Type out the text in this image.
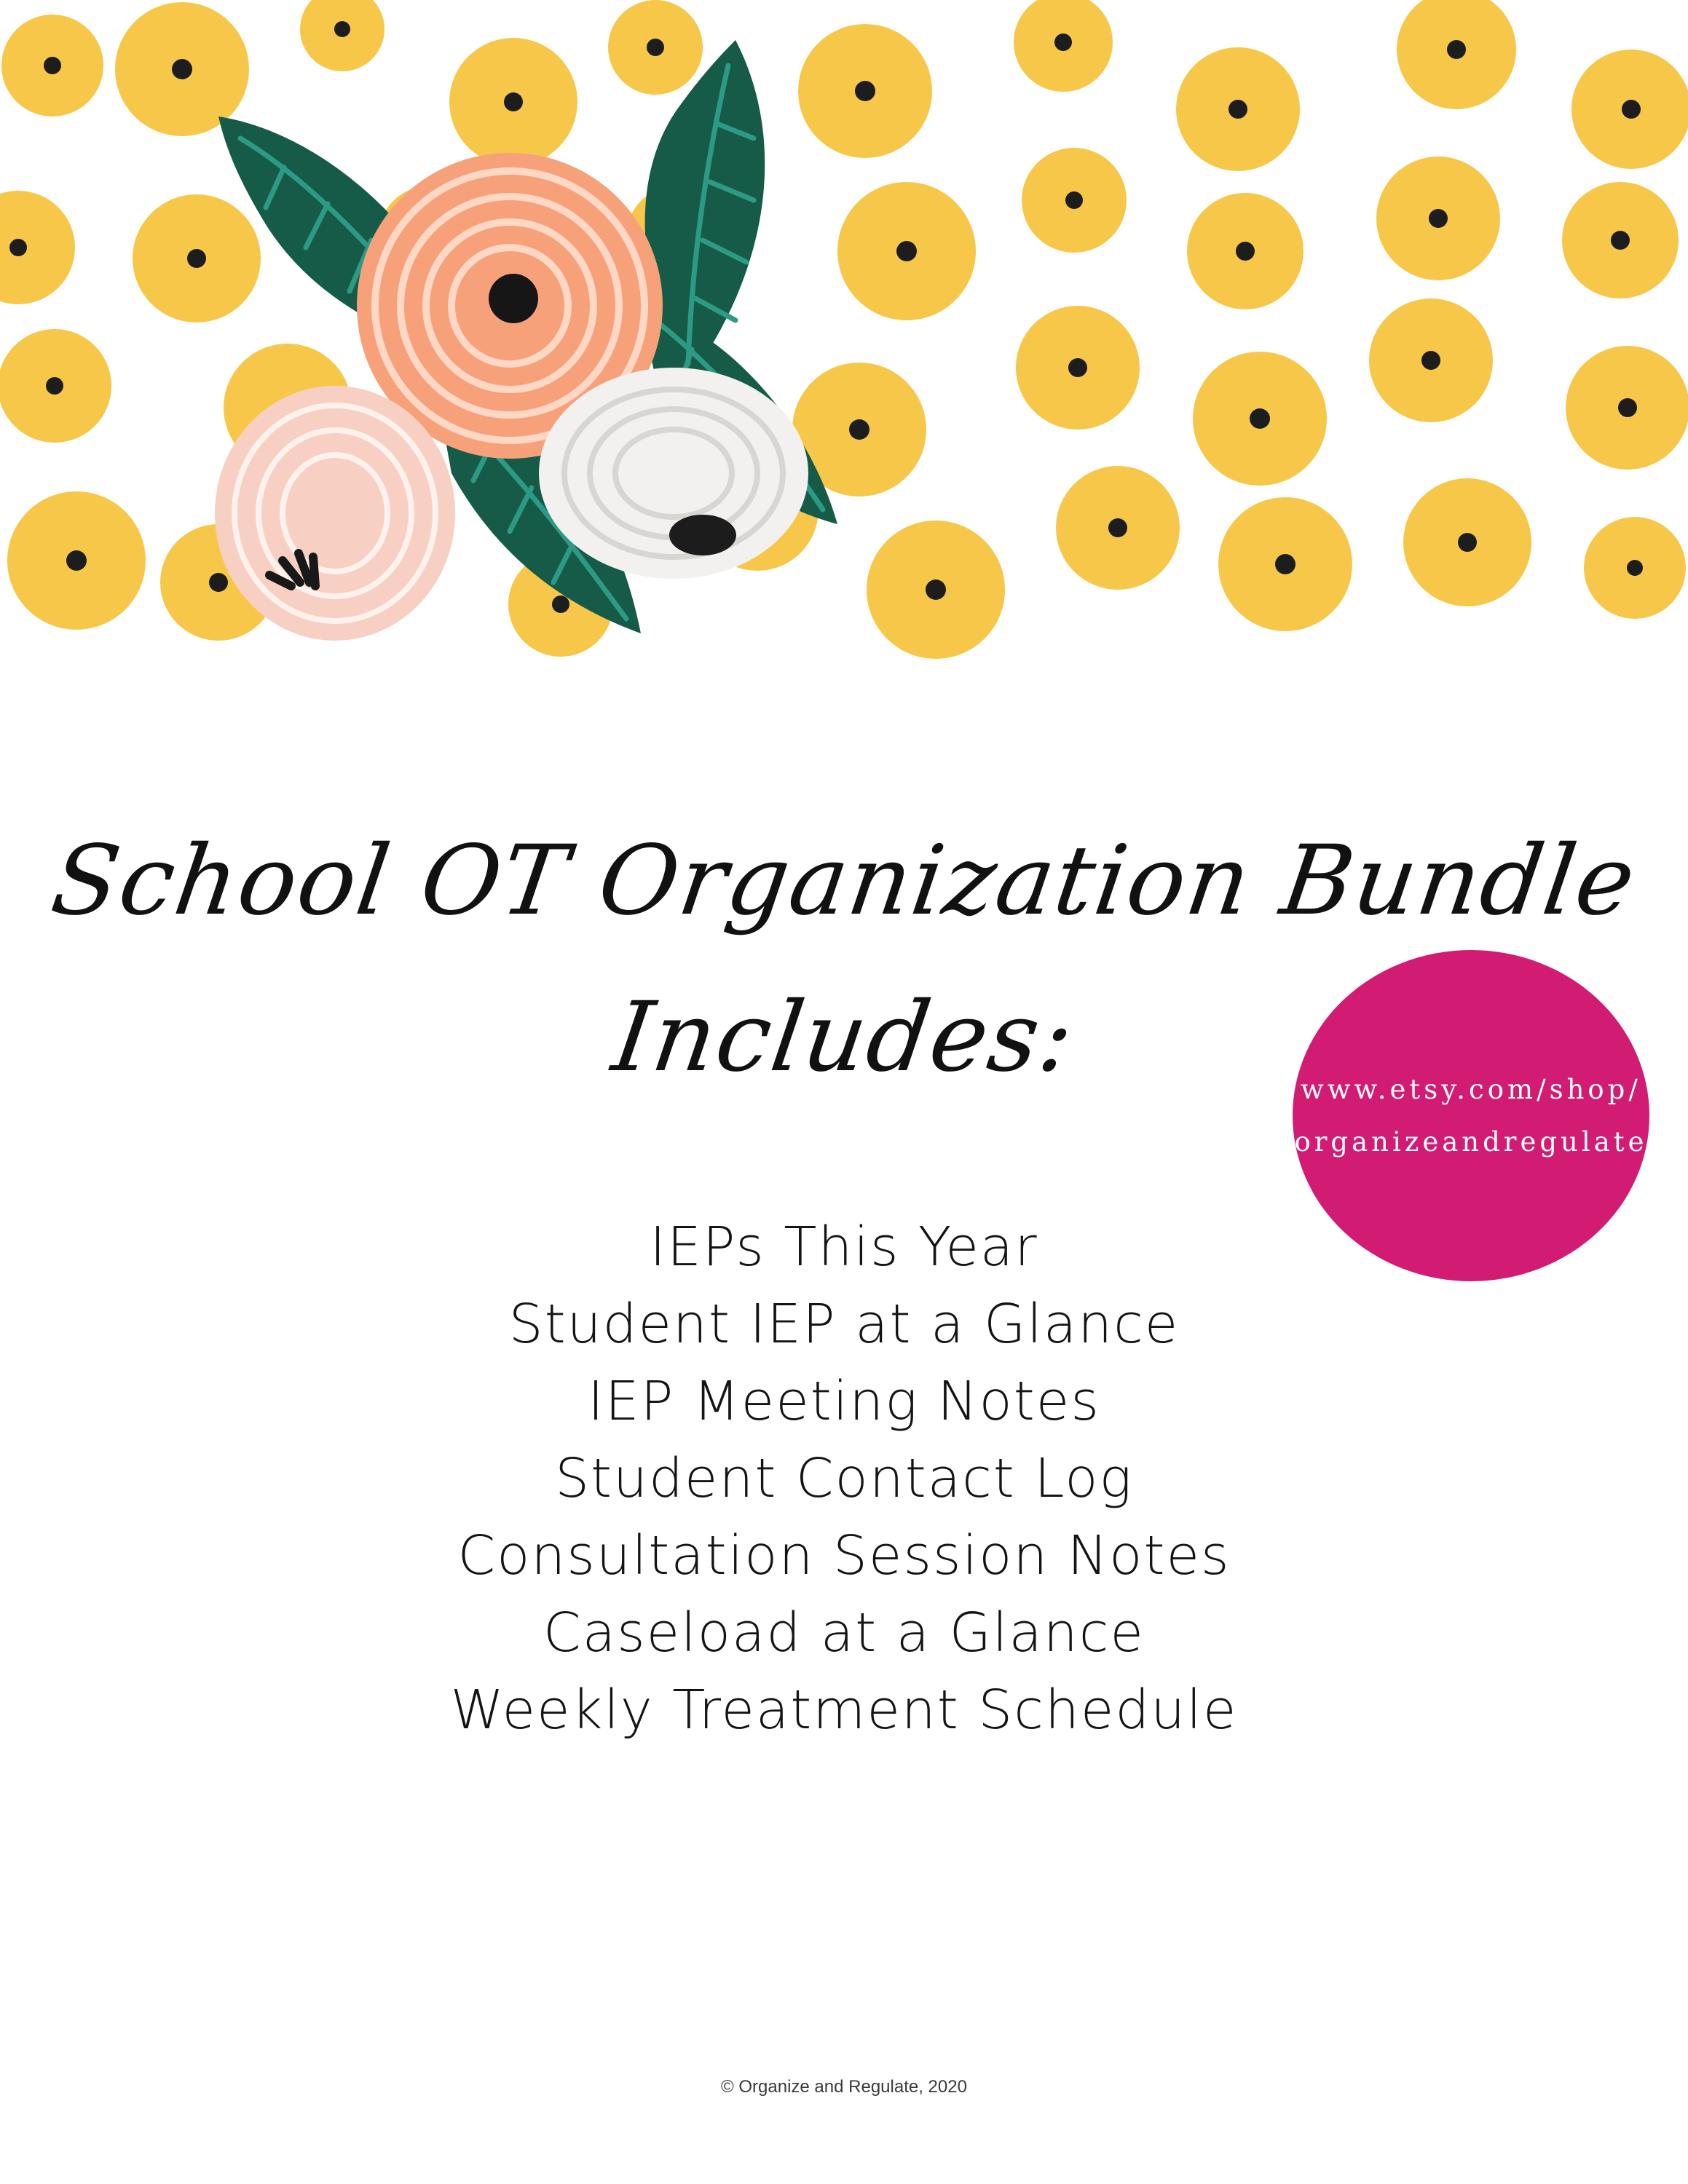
School OT Organization Bundle
Includes:	www.etsy.com/shop/
organizeandregulate
IEPs This Year
Student IEP at a Glance
IEP Meeting Notes
Student Contact Log
Consultation Session Notes
Caseload at a Glance
Weekly Treatment Schedule
© Organize and Regulate, 2020
